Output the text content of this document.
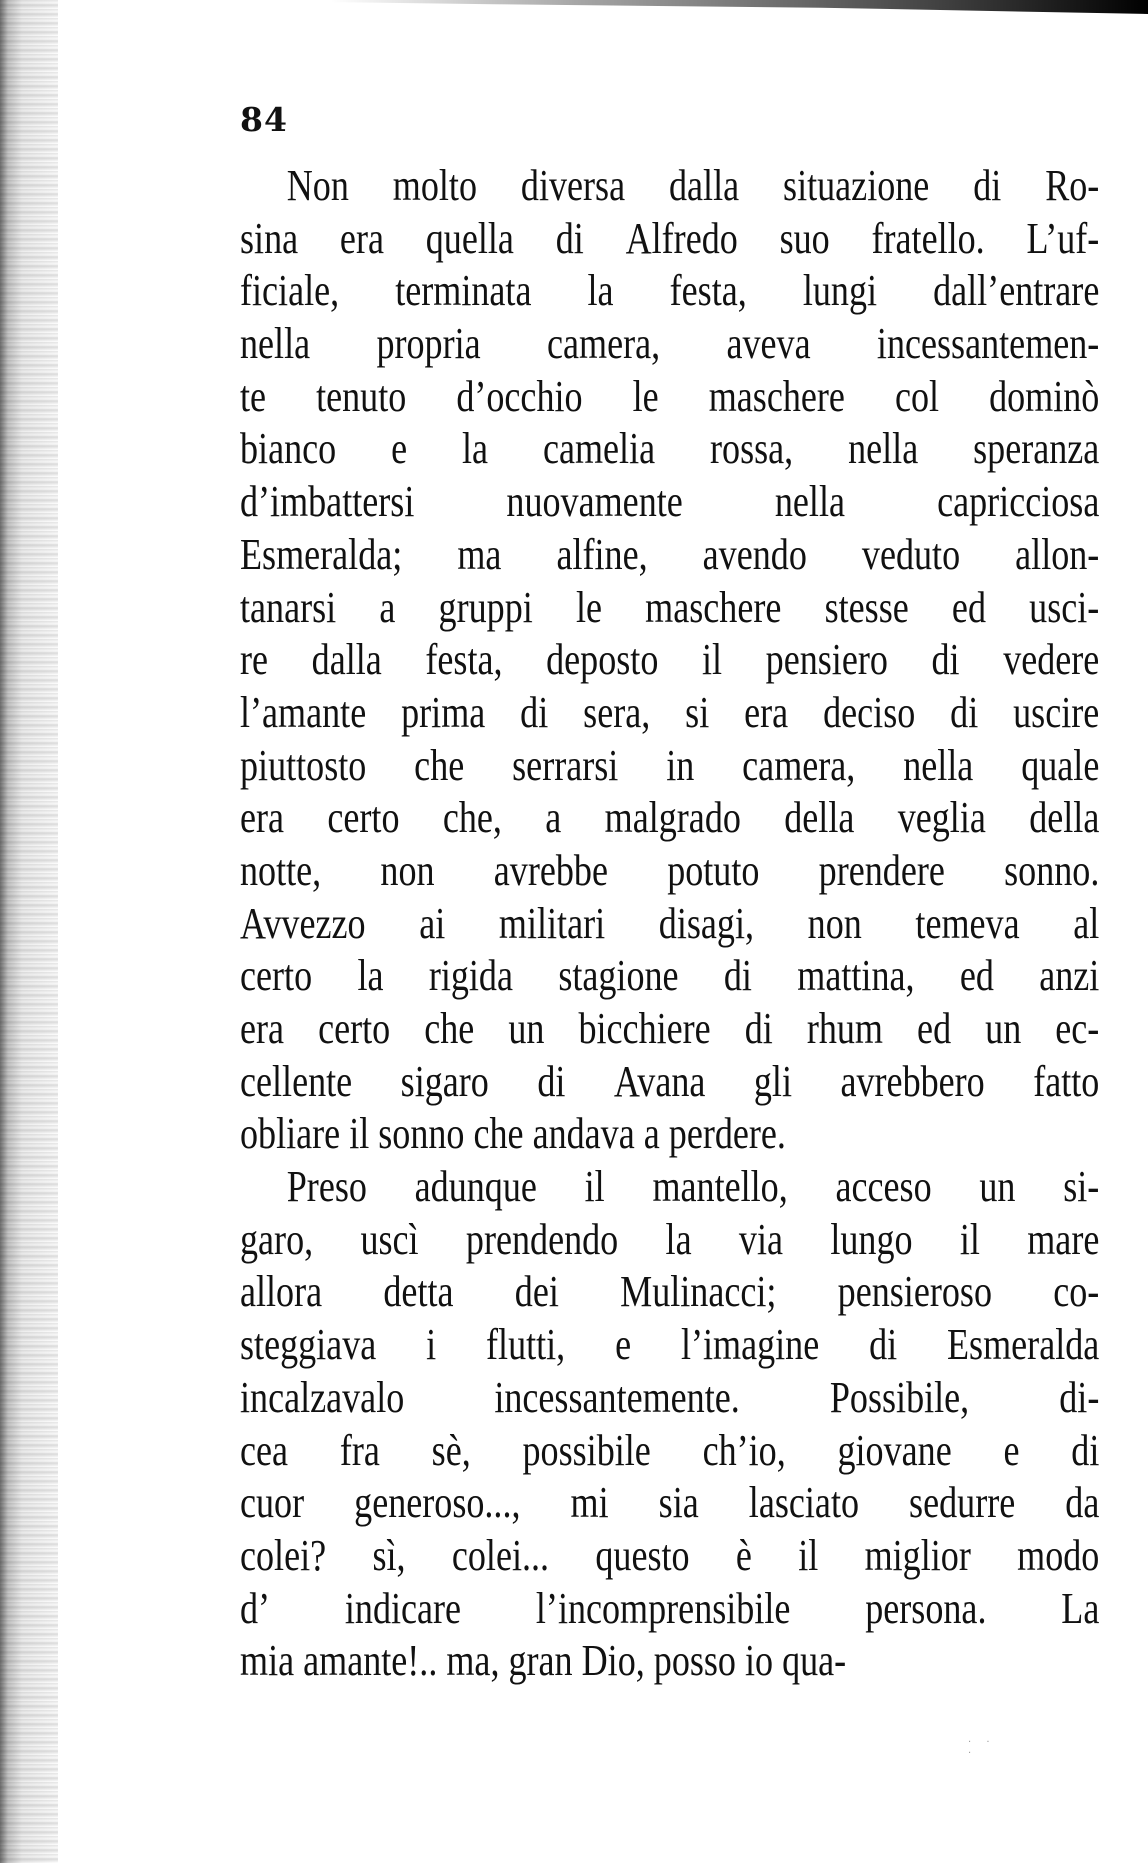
84
Non molto diversa dalla situazione di Ro-
sina era quella di Alfredo suo fratello. L’uf-
ficiale, terminata la festa, lungi dall’entrare
nella propria camera, aveva incessantemen-
te tenuto d’occhio le maschere col dominò
bianco e la camelia rossa, nella speranza
d’imbattersi nuovamente nella capricciosa
Esmeralda; ma alfine, avendo veduto allon-
tanarsi a gruppi le maschere stesse ed usci-
re dalla festa, deposto il pensiero di vedere
l’amante prima di sera, si era deciso di uscire
piuttosto che serrarsi in camera, nella quale
era certo che, a malgrado della veglia della
notte, non avrebbe potuto prendere sonno.
Avvezzo ai militari disagi, non temeva al
certo la rigida stagione di mattina, ed anzi
era certo che un bicchiere di rhum ed un ec-
cellente sigaro di Avana gli avrebbero fatto
obliare il sonno che andava a perdere.
Preso adunque il mantello, acceso un si-
garo, uscì prendendo la via lungo il mare
allora detta dei Mulinacci; pensieroso co-
steggiava i flutti, e l’imagine di Esmeralda
incalzavalo incessantemente. Possibile, di-
cea fra sè, possibile ch’io, giovane e di
cuor generoso..., mi sia lasciato sedurre da
colei? sì, colei... questo è il miglior modo
d’ indicare l’incomprensibile persona. La
mia amante!.. ma, gran Dio, posso io qua-
· · ·
